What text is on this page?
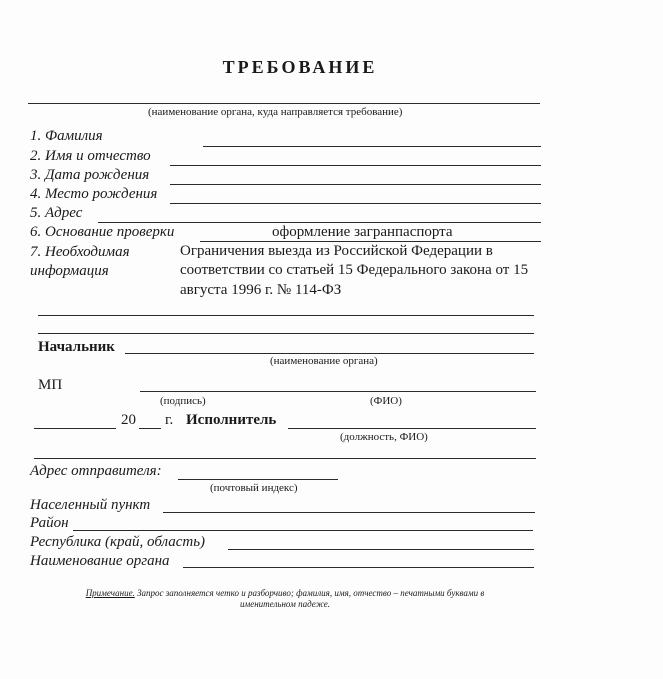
ТРЕБОВАНИЕ
(наименование органа, куда направляется требование)
1. Фамилия
2. Имя и отчество
3. Дата рождения
4. Место рождения
5. Адрес
6. Основание проверки	оформление загранпаспорта
7. Необходимая
информация
Ограничения выезда из Российской Федерации в
соответствии со статьей 15 Федерального закона от 15
августа 1996 г. № 114-ФЗ
Начальник
(наименование органа)
МП
(подпись)	(ФИО)
20 г. Исполнитель
(должность, ФИО)
Адрес отправителя:
(почтовый индекс)
Населенный пункт
Район
Республика (край, область)
Наименование органа
Примечание. Запрос заполняется четко и разборчиво; фамилия, имя, отчество – печатными буквами в
именительном падеже.
